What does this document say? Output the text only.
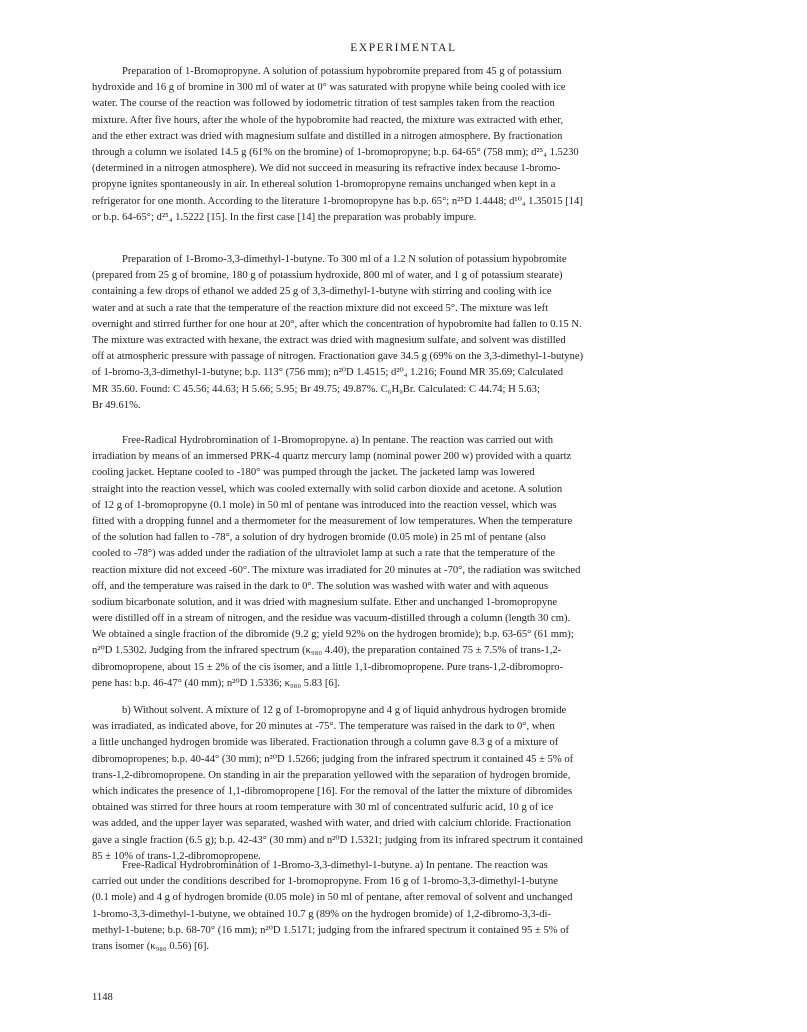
EXPERIMENTAL
Preparation of 1-Bromopropyne. A solution of potassium hypobromite prepared from 45 g of potassium
hydroxide and 16 g of bromine in 300 ml of water at 0° was saturated with propyne while being cooled with ice
water. The course of the reaction was followed by iodometric titration of test samples taken from the reaction
mixture. After five hours, after the whole of the hypobromite had reacted, the mixture was extracted with ether,
and the ether extract was dried with magnesium sulfate and distilled in a nitrogen atmosphere. By fractionation
through a column we isolated 14.5 g (61% on the bromine) of 1-bromopropyne; b.p. 64-65° (758 mm); d²⁵₄ 1.5230
(determined in a nitrogen atmosphere). We did not succeed in measuring its refractive index because 1-bromo-
propyne ignites spontaneously in air. In ethereal solution 1-bromopropyne remains unchanged when kept in a
refrigerator for one month. According to the literature 1-bromopropyne has b.p. 65°; n²⁵D 1.4448; d¹⁰₄ 1.35015 [14]
or b.p. 64-65°; d²⁵₄ 1.5222 [15]. In the first case [14] the preparation was probably impure.
Preparation of 1-Bromo-3,3-dimethyl-1-butyne. To 300 ml of a 1.2 N solution of potassium hypobromite
(prepared from 25 g of bromine, 180 g of potassium hydroxide, 800 ml of water, and 1 g of potassium stearate)
containing a few drops of ethanol we added 25 g of 3,3-dimethyl-1-butyne with stirring and cooling with ice
water and at such a rate that the temperature of the reaction mixture did not exceed 5°. The mixture was left
overnight and stirred further for one hour at 20°, after which the concentration of hypobromite had fallen to 0.15 N.
The mixture was extracted with hexane, the extract was dried with magnesium sulfate, and solvent was distilled
off at atmospheric pressure with passage of nitrogen. Fractionation gave 34.5 g (69% on the 3,3-dimethyl-1-butyne)
of 1-bromo-3,3-dimethyl-1-butyne; b.p. 113° (756 mm); n²⁰D 1.4515; d²⁰₄ 1.216; Found MR 35.69; Calculated
MR 35.60. Found: C 45.56; 44.63; H 5.66; 5.95; Br 49.75; 49.87%. C₆H₉Br. Calculated: C 44.74; H 5.63;
Br 49.61%.
Free-Radical Hydrobromination of 1-Bromopropyne. a) In pentane. The reaction was carried out with
irradiation by means of an immersed PRK-4 quartz mercury lamp (nominal power 200 w) provided with a quartz
cooling jacket. Heptane cooled to -180° was pumped through the jacket. The jacketed lamp was lowered
straight into the reaction vessel, which was cooled externally with solid carbon dioxide and acetone. A solution
of 12 g of 1-bromopropyne (0.1 mole) in 50 ml of pentane was introduced into the reaction vessel, which was
fitted with a dropping funnel and a thermometer for the measurement of low temperatures. When the temperature
of the solution had fallen to -78°, a solution of dry hydrogen bromide (0.05 mole) in 25 ml of pentane (also
cooled to -78°) was added under the radiation of the ultraviolet lamp at such a rate that the temperature of the
reaction mixture did not exceed -60°. The mixture was irradiated for 20 minutes at -70°, the radiation was switched
off, and the temperature was raised in the dark to 0°. The solution was washed with water and with aqueous
sodium bicarbonate solution, and it was dried with magnesium sulfate. Ether and unchanged 1-bromopropyne
were distilled off in a stream of nitrogen, and the residue was vacuum-distilled through a column (length 30 cm).
We obtained a single fraction of the dibromide (9.2 g; yield 92% on the hydrogen bromide); b.p. 63-65° (61 mm);
n²⁰D 1.5302. Judging from the infrared spectrum (κ₉₈₀ 4.40), the preparation contained 75 ± 7.5% of trans-1,2-
dibromopropene, about 15 ± 2% of the cis isomer, and a little 1,1-dibromopropene. Pure trans-1,2-dibromopro-
pene has: b.p. 46-47° (40 mm); n²⁰D 1.5336; κ₉₈₀ 5.83 [6].
b) Without solvent. A mixture of 12 g of 1-bromopropyne and 4 g of liquid anhydrous hydrogen bromide
was irradiated, as indicated above, for 20 minutes at -75°. The temperature was raised in the dark to 0°, when
a little unchanged hydrogen bromide was liberated. Fractionation through a column gave 8.3 g of a mixture of
dibromopropenes; b.p. 40-44° (30 mm); n²⁰D 1.5266; judging from the infrared spectrum it contained 45 ± 5% of
trans-1,2-dibromopropene. On standing in air the preparation yellowed with the separation of hydrogen bromide,
which indicates the presence of 1,1-dibromopropene [16]. For the removal of the latter the mixture of dibromides
obtained was stirred for three hours at room temperature with 30 ml of concentrated sulfuric acid, 10 g of ice
was added, and the upper layer was separated, washed with water, and dried with calcium chloride. Fractionation
gave a single fraction (6.5 g); b.p. 42-43° (30 mm) and n²⁰D 1.5321; judging from its infrared spectrum it contained
85 ± 10% of trans-1,2-dibromopropene.
Free-Radical Hydrobromination of 1-Bromo-3,3-dimethyl-1-butyne. a) In pentane. The reaction was
carried out under the conditions described for 1-bromopropyne. From 16 g of 1-bromo-3,3-dimethyl-1-butyne
(0.1 mole) and 4 g of hydrogen bromide (0.05 mole) in 50 ml of pentane, after removal of solvent and unchanged
1-bromo-3,3-dimethyl-1-butyne, we obtained 10.7 g (89% on the hydrogen bromide) of 1,2-dibromo-3,3-di-
methyl-1-butene; b.p. 68-70° (16 mm); n²⁰D 1.5171; judging from the infrared spectrum it contained 95 ± 5% of
trans isomer (κ₉₈₀ 0.56) [6].
1148
